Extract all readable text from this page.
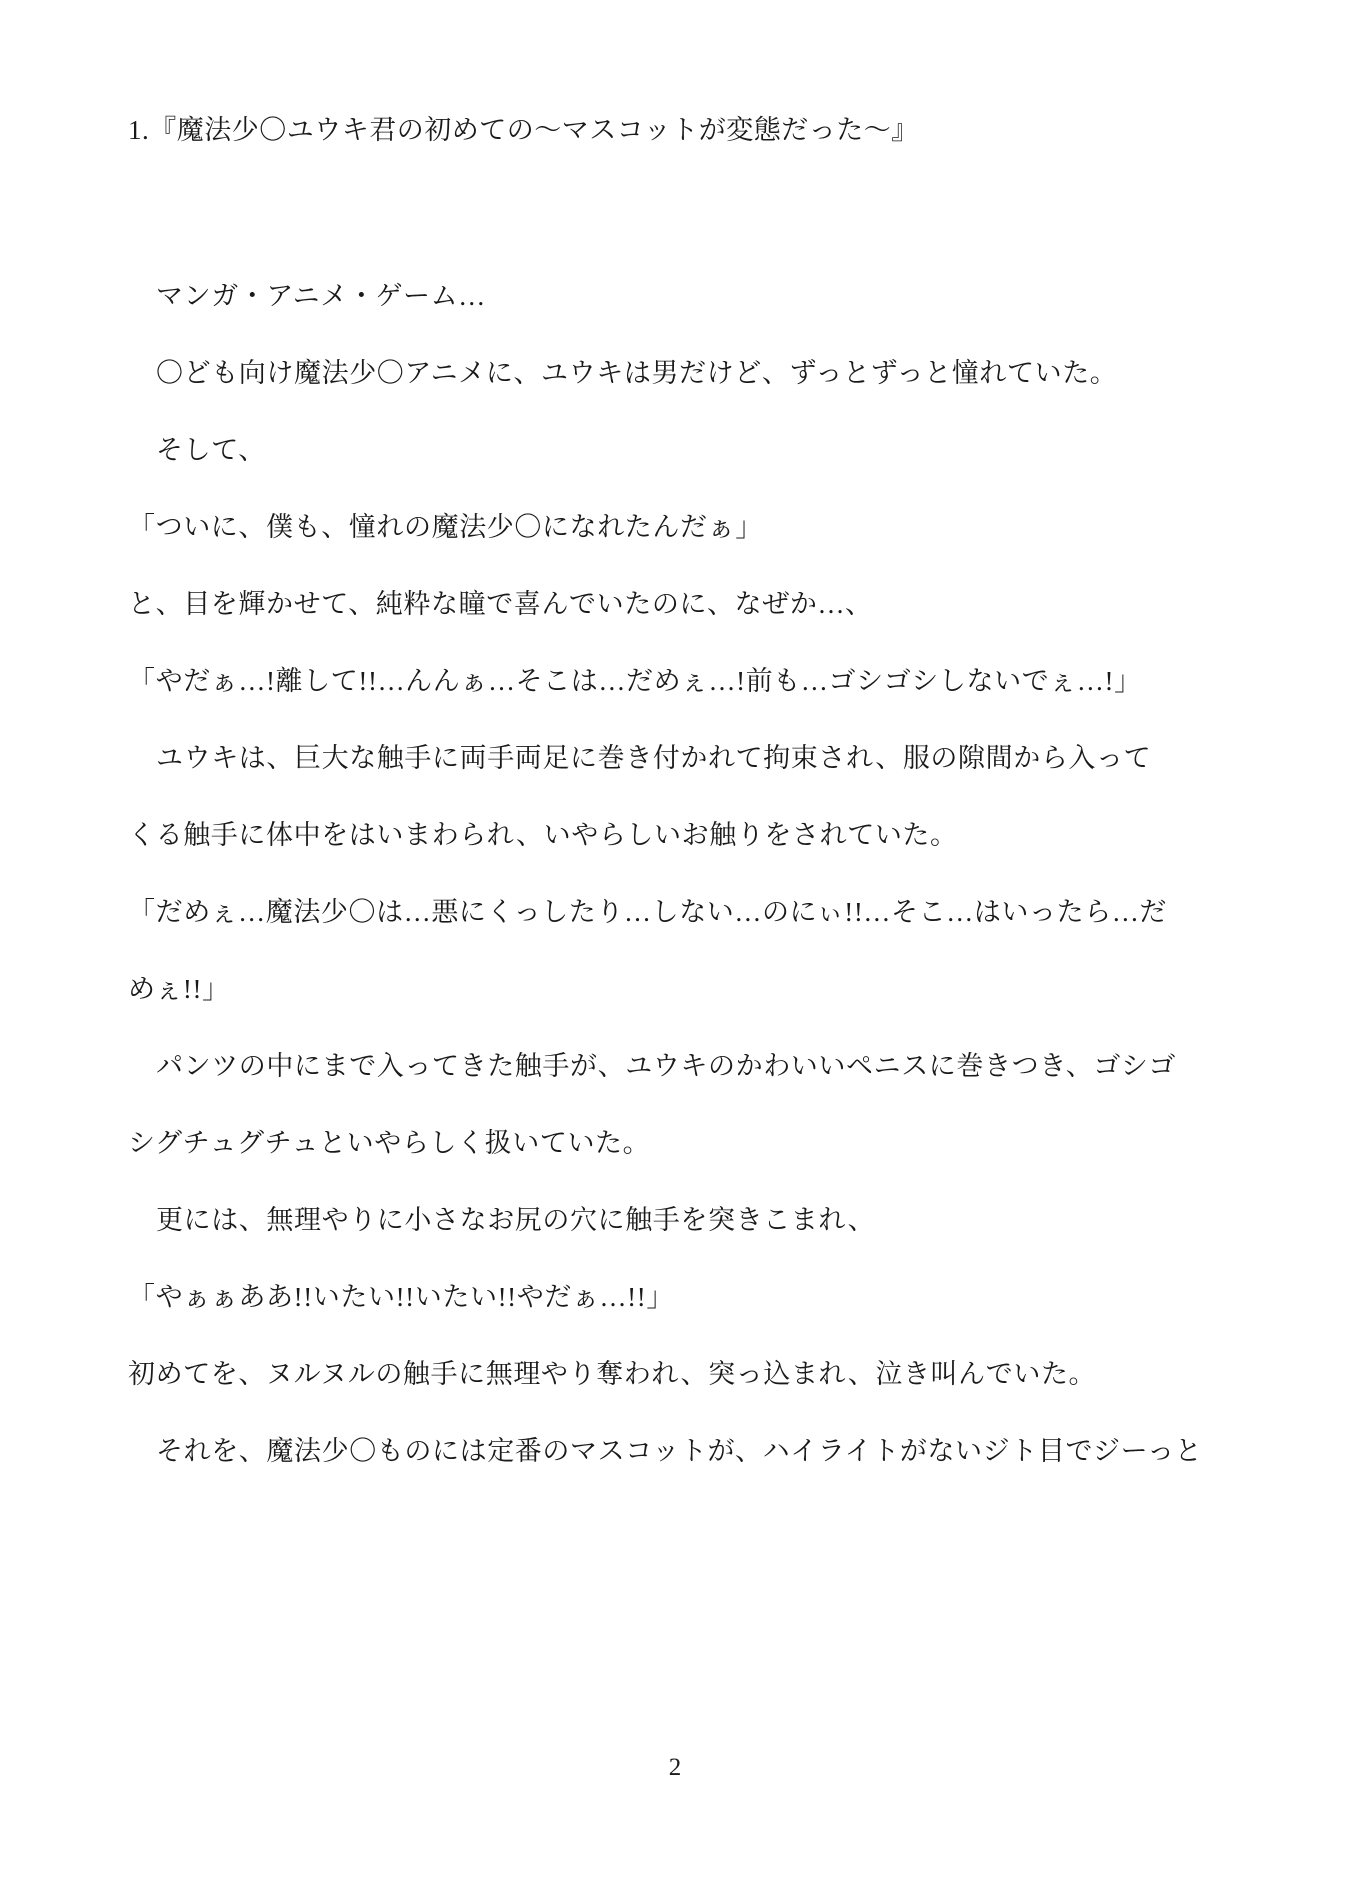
1.『魔法少〇ユウキ君の初めての～マスコットが変態だった～』

マンガ・アニメ・ゲーム…

〇ども向け魔法少〇アニメに、ユウキは男だけど、ずっとずっと憧れていた。

そして、

「ついに、僕も、憧れの魔法少〇になれたんだぁ」

と、目を輝かせて、純粋な瞳で喜んでいたのに、なぜか…、

「やだぁ…!離して!!…んんぁ…そこは…だめぇ…!前も…ゴシゴシしないでぇ…!」

ユウキは、巨大な触手に両手両足に巻き付かれて拘束され、服の隙間から入って

くる触手に体中をはいまわられ、いやらしいお触りをされていた。

「だめぇ…魔法少〇は…悪にくっしたり…しない…のにぃ!!…そこ…はいったら…だ

めぇ!!」

パンツの中にまで入ってきた触手が、ユウキのかわいいペニスに巻きつき、ゴシゴ

シグチュグチュといやらしく扱いていた。

更には、無理やりに小さなお尻の穴に触手を突きこまれ、

「やぁぁああ!!いたい!!いたい!!やだぁ…!!」

初めてを、ヌルヌルの触手に無理やり奪われ、突っ込まれ、泣き叫んでいた。

それを、魔法少〇ものには定番のマスコットが、ハイライトがないジト目でジーっと

2
